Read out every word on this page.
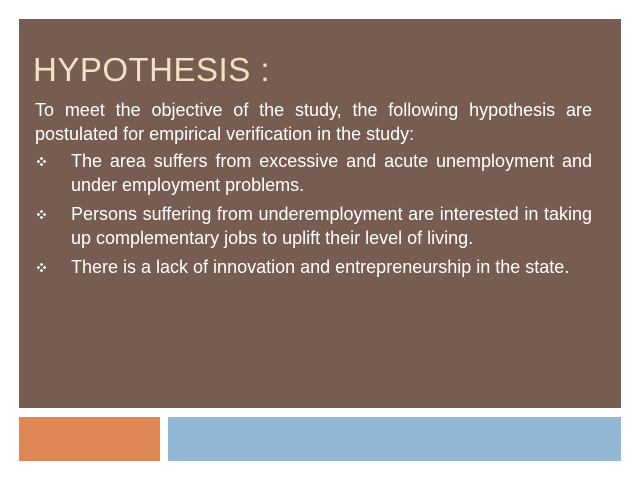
HYPOTHESIS :

To meet the objective of the study, the following hypothesis are postulated for empirical verification in the study:

The area suffers from excessive and acute unemployment and under employment problems.
Persons suffering from underemployment are interested in taking up complementary jobs to uplift their level of living.
There is a lack of innovation and entrepreneurship in the state.
